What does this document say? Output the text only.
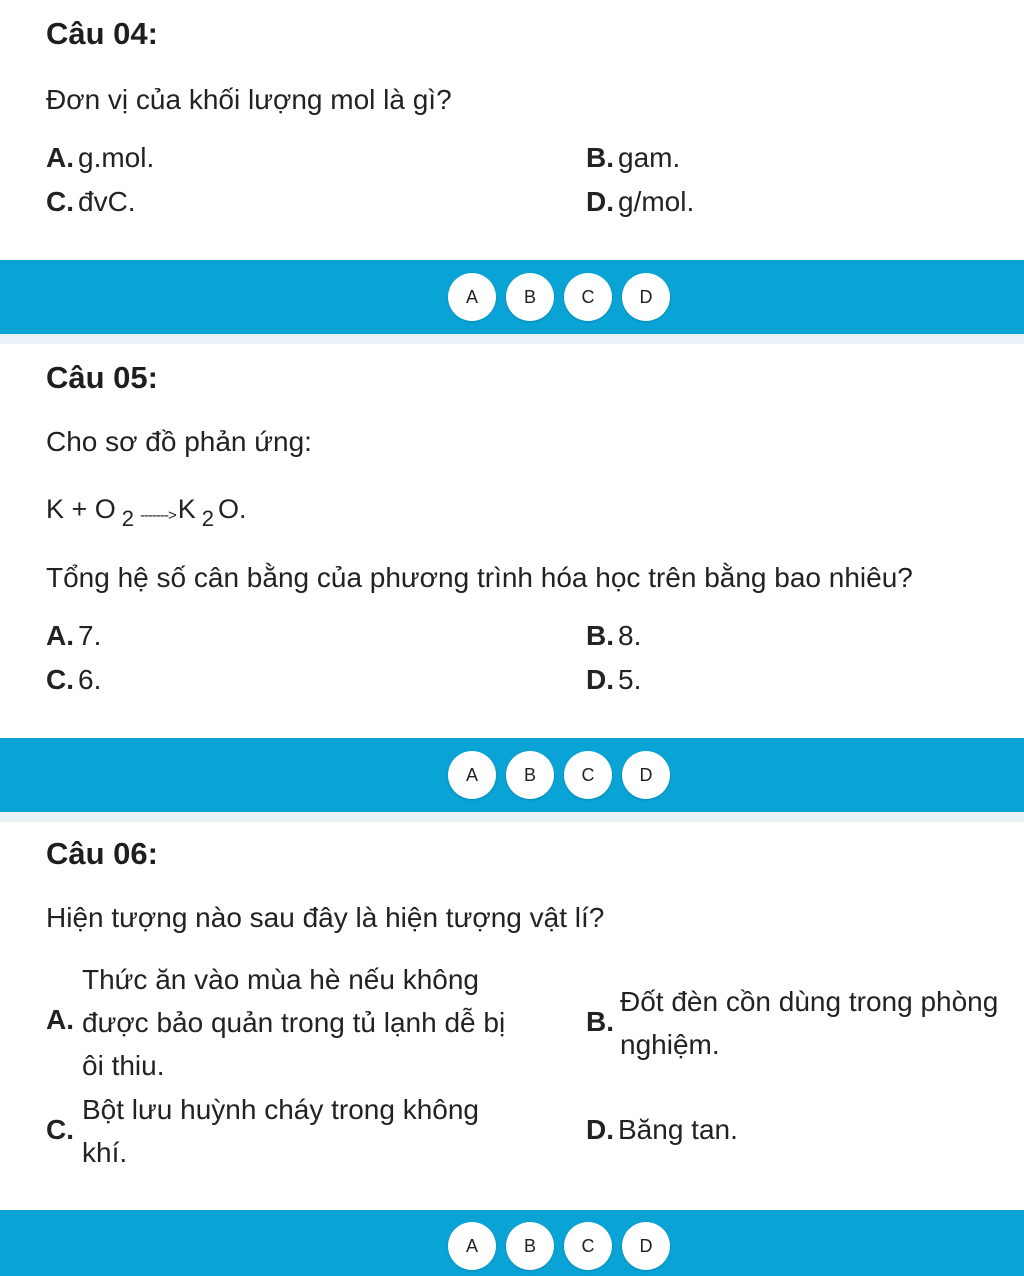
Câu 04:
Đơn vị của khối lượng mol là gì?
A. g.mol.	B. gam.
C. đvC.	D. g/mol.
A	B	C	D
Câu 05:
Cho sơ đồ phản ứng:
K + O $_2$ ------->K $_2$ O.
Tổng hệ số cân bằng của phương trình hóa học trên bằng bao nhiêu?
A. 7.	B. 8.
C. 6.	D. 5.
A	B	C	D
Câu 06:
Hiện tượng nào sau đây là hiện tượng vật lí?
A.
Thức ăn vào mùa hè nếu không
được bảo quản trong tủ lạnh dễ bị
ôi thiu.
B.
Đốt đèn cồn dùng trong phòng
nghiệm.
C.
Bột lưu huỳnh cháy trong không
khí.
D. Băng tan.
A	B	C	D
